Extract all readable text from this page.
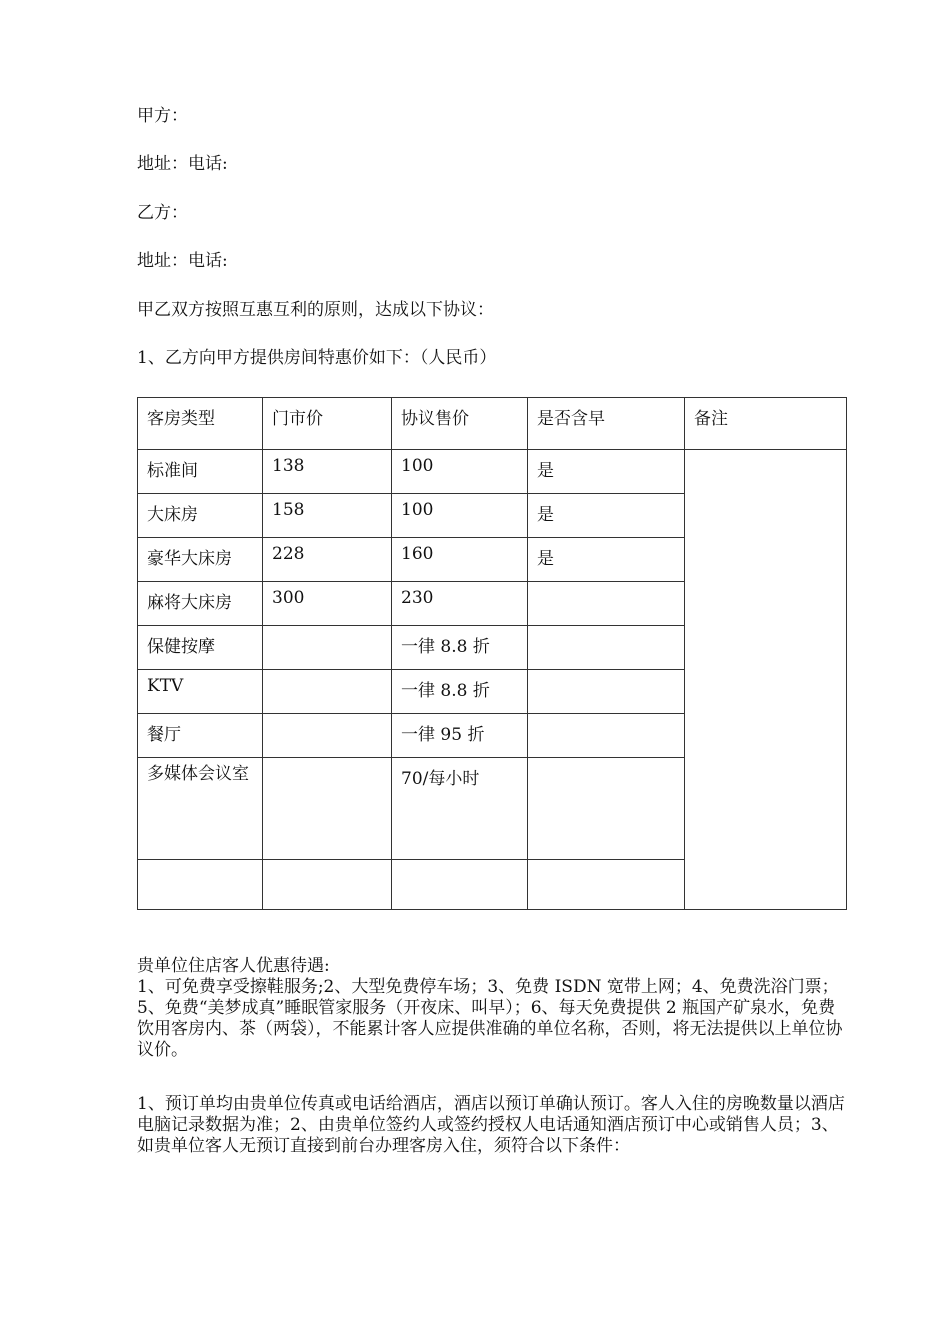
甲方：
地址：电话:
乙方：
地址：电话:
甲乙双方按照互惠互利的原则，达成以下协议：
1、乙方向甲方提供房间特惠价如下：（人民币）
客房类型	门市价	协议售价	是否含早	备注
标准间	138	100	是	
大床房	158	100	是	
豪华大床房	228	160	是	
麻将大床房	300	230		
保健按摩		一律 8.8 折		
KTV		一律 8.8 折		
餐厅		一律 95 折		

多媒体会议室		70/每小时		

贵单位住店客人优惠待遇:

1、可免费享受擦鞋服务;2、大型免费停车场；3、免费 ISDN 宽带上网；4、免费洗浴门票；5、免费“美梦成真”睡眠管家服务（开夜床、叫早）；6、每天免费提供 2 瓶国产矿泉水，免费饮用客房内、茶（两袋），不能累计客人应提供准确的单位名称，否则，将无法提供以上单位协议价。

1、预订单均由贵单位传真或电话给酒店，酒店以预订单确认预订。客人入住的房晚数量以酒店电脑记录数据为准；2、由贵单位签约人或签约授权人电话通知酒店预订中心或销售人员；3、如贵单位客人无预订直接到前台办理客房入住，须符合以下条件：
